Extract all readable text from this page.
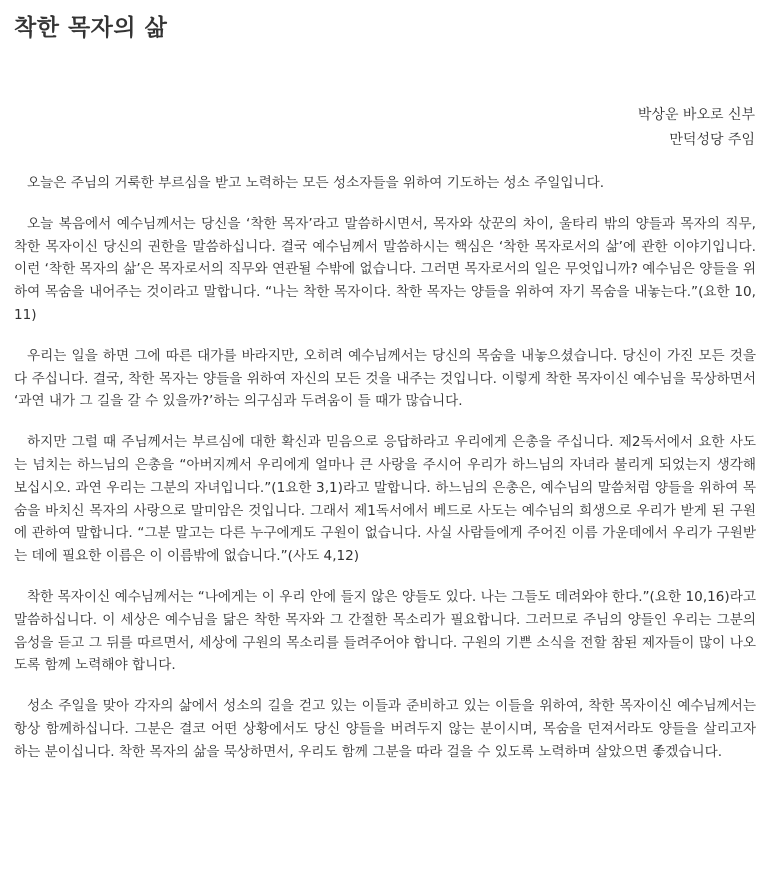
착한 목자의 삶
박상운 바오로 신부
만덕성당 주임

오늘은 주님의 거룩한 부르심을 받고 노력하는 모든 성소자들을 위하여 기도하는 성소 주일입니다.

오늘 복음에서 예수님께서는 당신을 ‘착한 목자’라고 말씀하시면서, 목자와 삯꾼의 차이, 울타리 밖의 양들과 목자의 직무, 착한 목자이신 당신의 권한을 말씀하십니다. 결국 예수님께서 말씀하시는 핵심은 ‘착한 목자로서의 삶’에 관한 이야기입니다. 이런 ‘착한 목자의 삶’은 목자로서의 직무와 연관될 수밖에 없습니다. 그러면 목자로서의 일은 무엇입니까? 예수님은 양들을 위하여 목숨을 내어주는 것이라고 말합니다. “나는 착한 목자이다. 착한 목자는 양들을 위하여 자기 목숨을 내놓는다.”(요한 10,11)

우리는 일을 하면 그에 따른 대가를 바라지만, 오히려 예수님께서는 당신의 목숨을 내놓으셨습니다. 당신이 가진 모든 것을 다 주십니다. 결국, 착한 목자는 양들을 위하여 자신의 모든 것을 내주는 것입니다. 이렇게 착한 목자이신 예수님을 묵상하면서 ‘과연 내가 그 길을 갈 수 있을까?’하는 의구심과 두려움이 들 때가 많습니다.

하지만 그럴 때 주님께서는 부르심에 대한 확신과 믿음으로 응답하라고 우리에게 은총을 주십니다. 제2독서에서 요한 사도는 넘치는 하느님의 은총을 “아버지께서 우리에게 얼마나 큰 사랑을 주시어 우리가 하느님의 자녀라 불리게 되었는지 생각해 보십시오. 과연 우리는 그분의 자녀입니다.”(1요한 3,1)라고 말합니다. 하느님의 은총은, 예수님의 말씀처럼 양들을 위하여 목숨을 바치신 목자의 사랑으로 말미암은 것입니다. 그래서 제1독서에서 베드로 사도는 예수님의 희생으로 우리가 받게 된 구원에 관하여 말합니다. “그분 말고는 다른 누구에게도 구원이 없습니다. 사실 사람들에게 주어진 이름 가운데에서 우리가 구원받는 데에 필요한 이름은 이 이름밖에 없습니다.”(사도 4,12)

착한 목자이신 예수님께서는 “나에게는 이 우리 안에 들지 않은 양들도 있다. 나는 그들도 데려와야 한다.”(요한 10,16)라고 말씀하십니다. 이 세상은 예수님을 닮은 착한 목자와 그 간절한 목소리가 필요합니다. 그러므로 주님의 양들인 우리는 그분의 음성을 듣고 그 뒤를 따르면서, 세상에 구원의 목소리를 들려주어야 합니다. 구원의 기쁜 소식을 전할 참된 제자들이 많이 나오도록 함께 노력해야 합니다.

성소 주일을 맞아 각자의 삶에서 성소의 길을 걷고 있는 이들과 준비하고 있는 이들을 위하여, 착한 목자이신 예수님께서는 항상 함께하십니다. 그분은 결코 어떤 상황에서도 당신 양들을 버려두지 않는 분이시며, 목숨을 던져서라도 양들을 살리고자 하는 분이십니다. 착한 목자의 삶을 묵상하면서, 우리도 함께 그분을 따라 걸을 수 있도록 노력하며 살았으면 좋겠습니다.
